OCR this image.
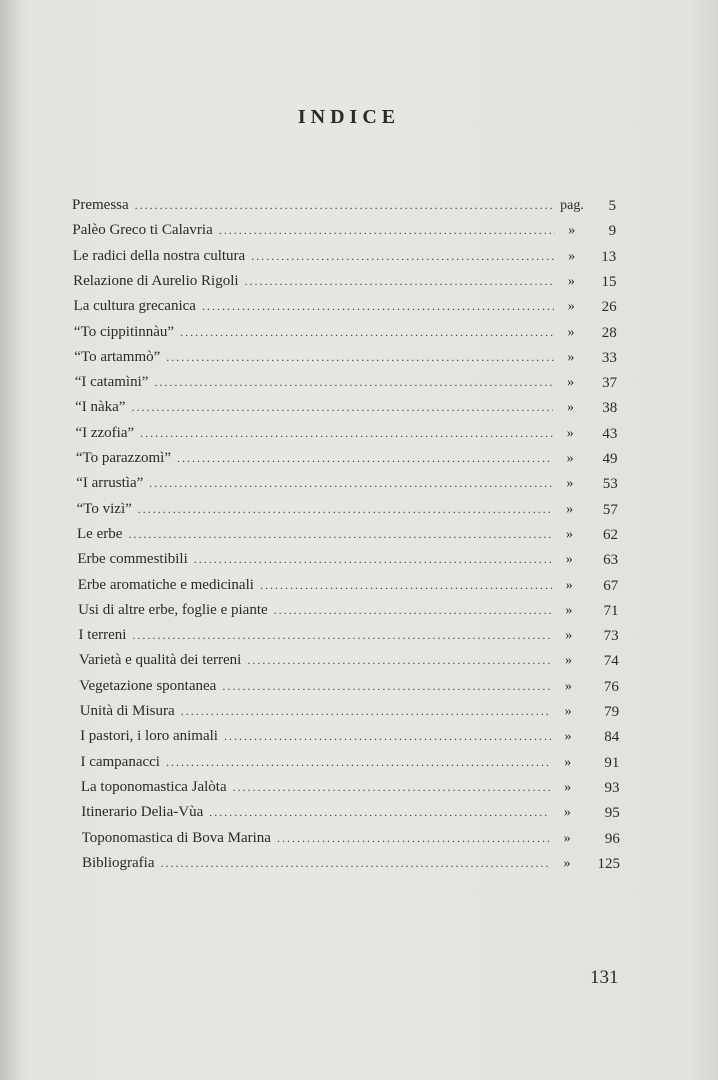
INDICE
Premessa .....	pag.	5
Palèo Greco ti Calavria .....	»	9
Le radici della nostra cultura .....	»	13
Relazione di Aurelio Rigoli .....	»	15
La cultura grecanica .....	»	26
“To cippitinnàu” .....	»	28
“To artammò” .....	»	33
“I catamìni” .....	»	37
“I nàka” .....	»	38
“I zzofia” .....	»	43
“To parazzomì” .....	»	49
“I arrustìa” .....	»	53
“To vizì” .....	»	57
Le erbe .....	»	62
Erbe commestibili .....	»	63
Erbe aromatiche e medicinali .....	»	67
Usi di altre erbe, foglie e piante .....	»	71
I terreni .....	»	73
Varietà e qualità dei terreni .....	»	74
Vegetazione spontanea .....	»	76
Unità di Misura .....	»	79
I pastori, i loro animali .....	»	84
I campanacci .....	»	91
La toponomastica Jalòta .....	»	93
Itinerario Delia-Vùa .....	»	95
Toponomastica di Bova Marina .....	»	96
Bibliografia .....	»	125
131
